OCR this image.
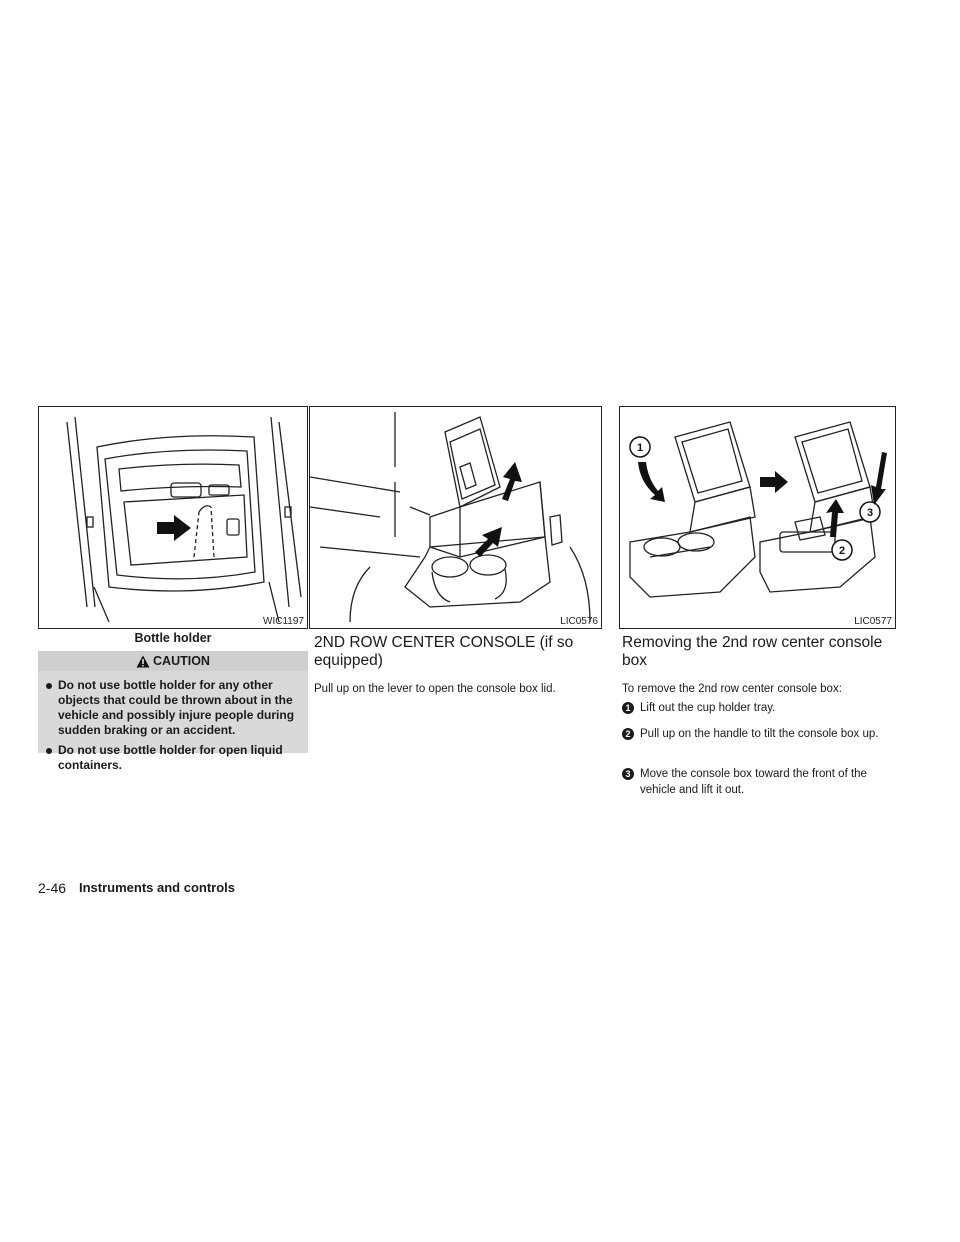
WIC1197
Bottle holder
CAUTION
Do not use bottle holder for any other objects that could be thrown about in the vehicle and possibly injure people during sudden braking or an accident.
Do not use bottle holder for open liquid containers.
LIC0576
1
2
3
LIC0577
2ND ROW CENTER CONSOLE (if so equipped)
Pull up on the lever to open the console box lid.
Removing the 2nd row center console box
To remove the 2nd row center console box:
1 Lift out the cup holder tray.
2 Pull up on the handle to tilt the console box up.
3 Move the console box toward the front of the vehicle and lift it out.
2-46 Instruments and controls
